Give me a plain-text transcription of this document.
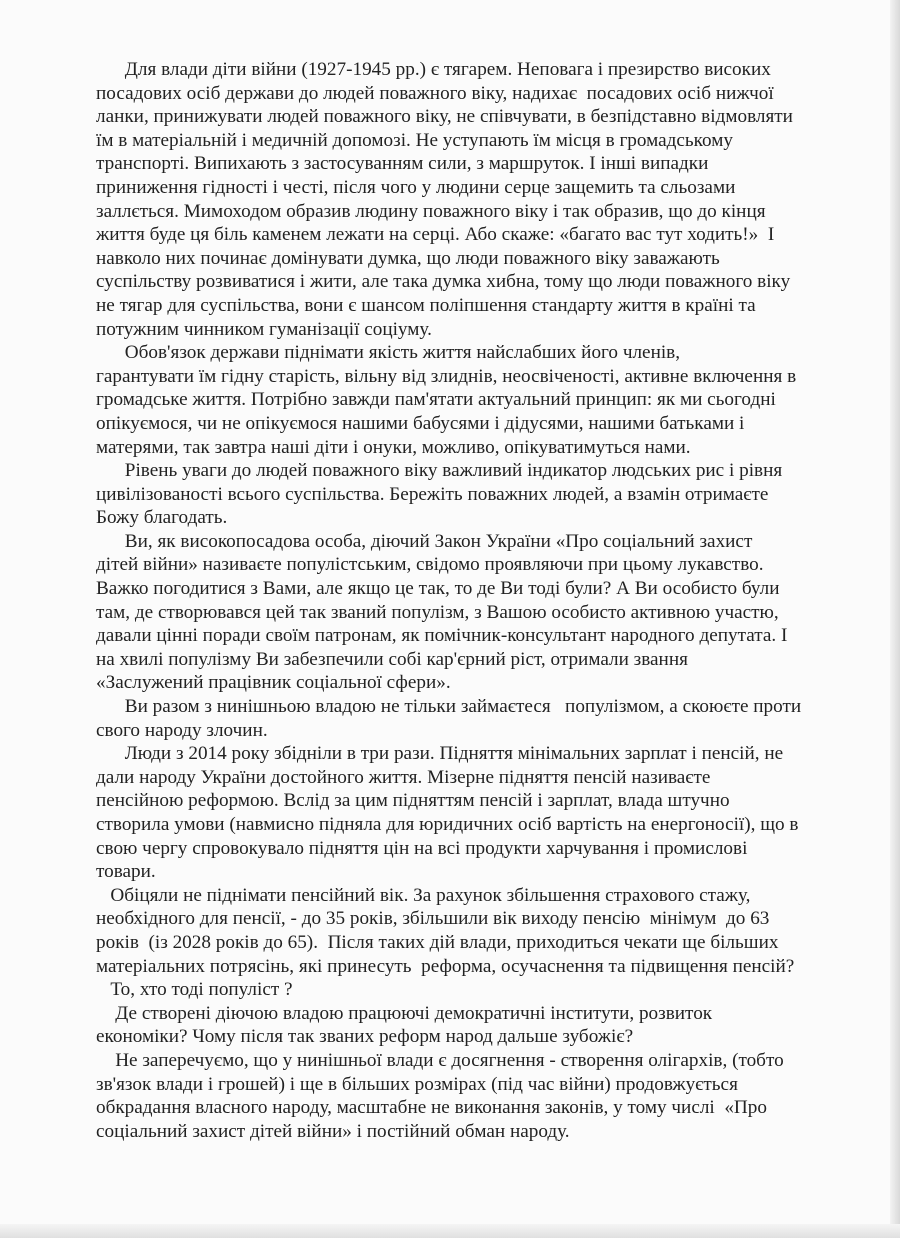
Для влади діти війни (1927-1945 рр.) є тягарем. Неповага і презирство високих
посадових осіб держави до людей поважного віку, надихає  посадових осіб нижчої
ланки, принижувати людей поважного віку, не співчувати, в безпідставно відмовляти
їм в матеріальній і медичній допомозі. Не уступають їм місця в громадському
транспорті. Випихають з застосуванням сили, з маршруток. І інші випадки
приниження гідності і честі, після чого у людини серце защемить та сльозами
заллється. Мимоходом образив людину поважного віку і так образив, що до кінця
життя буде ця біль каменем лежати на серці. Або скаже: «багато вас тут ходить!»  І
навколо них починає домінувати думка, що люди поважного віку заважають
суспільству розвиватися і жити, але така думка хибна, тому що люди поважного віку
не тягар для суспільства, вони є шансом поліпшення стандарту життя в країні та
потужним чинником гуманізації соціуму.
Обов'язок держави піднімати якість життя найслабших його членів,
гарантувати їм гідну старість, вільну від злиднів, неосвіченості, активне включення в
громадське життя. Потрібно завжди пам'ятати актуальний принцип: як ми сьогодні
опікуємося, чи не опікуємося нашими бабусями і дідусями, нашими батьками і
матерями, так завтра наші діти і онуки, можливо, опікуватимуться нами.
Рівень уваги до людей поважного віку важливий індикатор людських рис і рівня
цивілізованості всього суспільства. Бережіть поважних людей, а взамін отримаєте
Божу благодать.
Ви, як високопосадова особа, діючий Закон України «Про соціальний захист
дітей війни» називаєте популістським, свідомо проявляючи при цьому лукавство.
Важко погодитися з Вами, але якщо це так, то де Ви тоді були? А Ви особисто були
там, де створювався цей так званий популізм, з Вашою особисто активною участю,
давали цінні поради своїм патронам, як помічник-консультант народного депутата. І
на хвилі популізму Ви забезпечили собі кар'єрний ріст, отримали звання
«Заслужений працівник соціальної сфери».
Ви разом з нинішньою владою не тільки займаєтеся   популізмом, а скоюєте проти
свого народу злочин.
Люди з 2014 року збідніли в три рази. Підняття мінімальних зарплат і пенсій, не
дали народу України достойного життя. Мізерне підняття пенсій називаєте
пенсійною реформою. Вслід за цим підняттям пенсій і зарплат, влада штучно
створила умови (навмисно підняла для юридичних осіб вартість на енергоносії), що в
свою чергу спровокувало підняття цін на всі продукти харчування і промислові
товари.
Обіцяли не піднімати пенсійний вік. За рахунок збільшення страхового стажу,
необхідного для пенсії, - до 35 років, збільшили вік виходу пенсію  мінімум  до 63
років  (із 2028 років до 65).  Після таких дій влади, приходиться чекати ще більших
матеріальних потрясінь, які принесуть  реформа, осучаснення та підвищення пенсій?
То, хто тоді популіст ?
Де створені діючою владою працюючі демократичні інститути, розвиток
економіки? Чому після так званих реформ народ дальше зубожіє?
Не заперечуємо, що у нинішньої влади є досягнення - створення олігархів, (тобто
зв'язок влади і грошей) і ще в більших розмірах (під час війни) продовжується
обкрадання власного народу, масштабне не виконання законів, у тому числі  «Про
соціальний захист дітей війни» і постійний обман народу.
